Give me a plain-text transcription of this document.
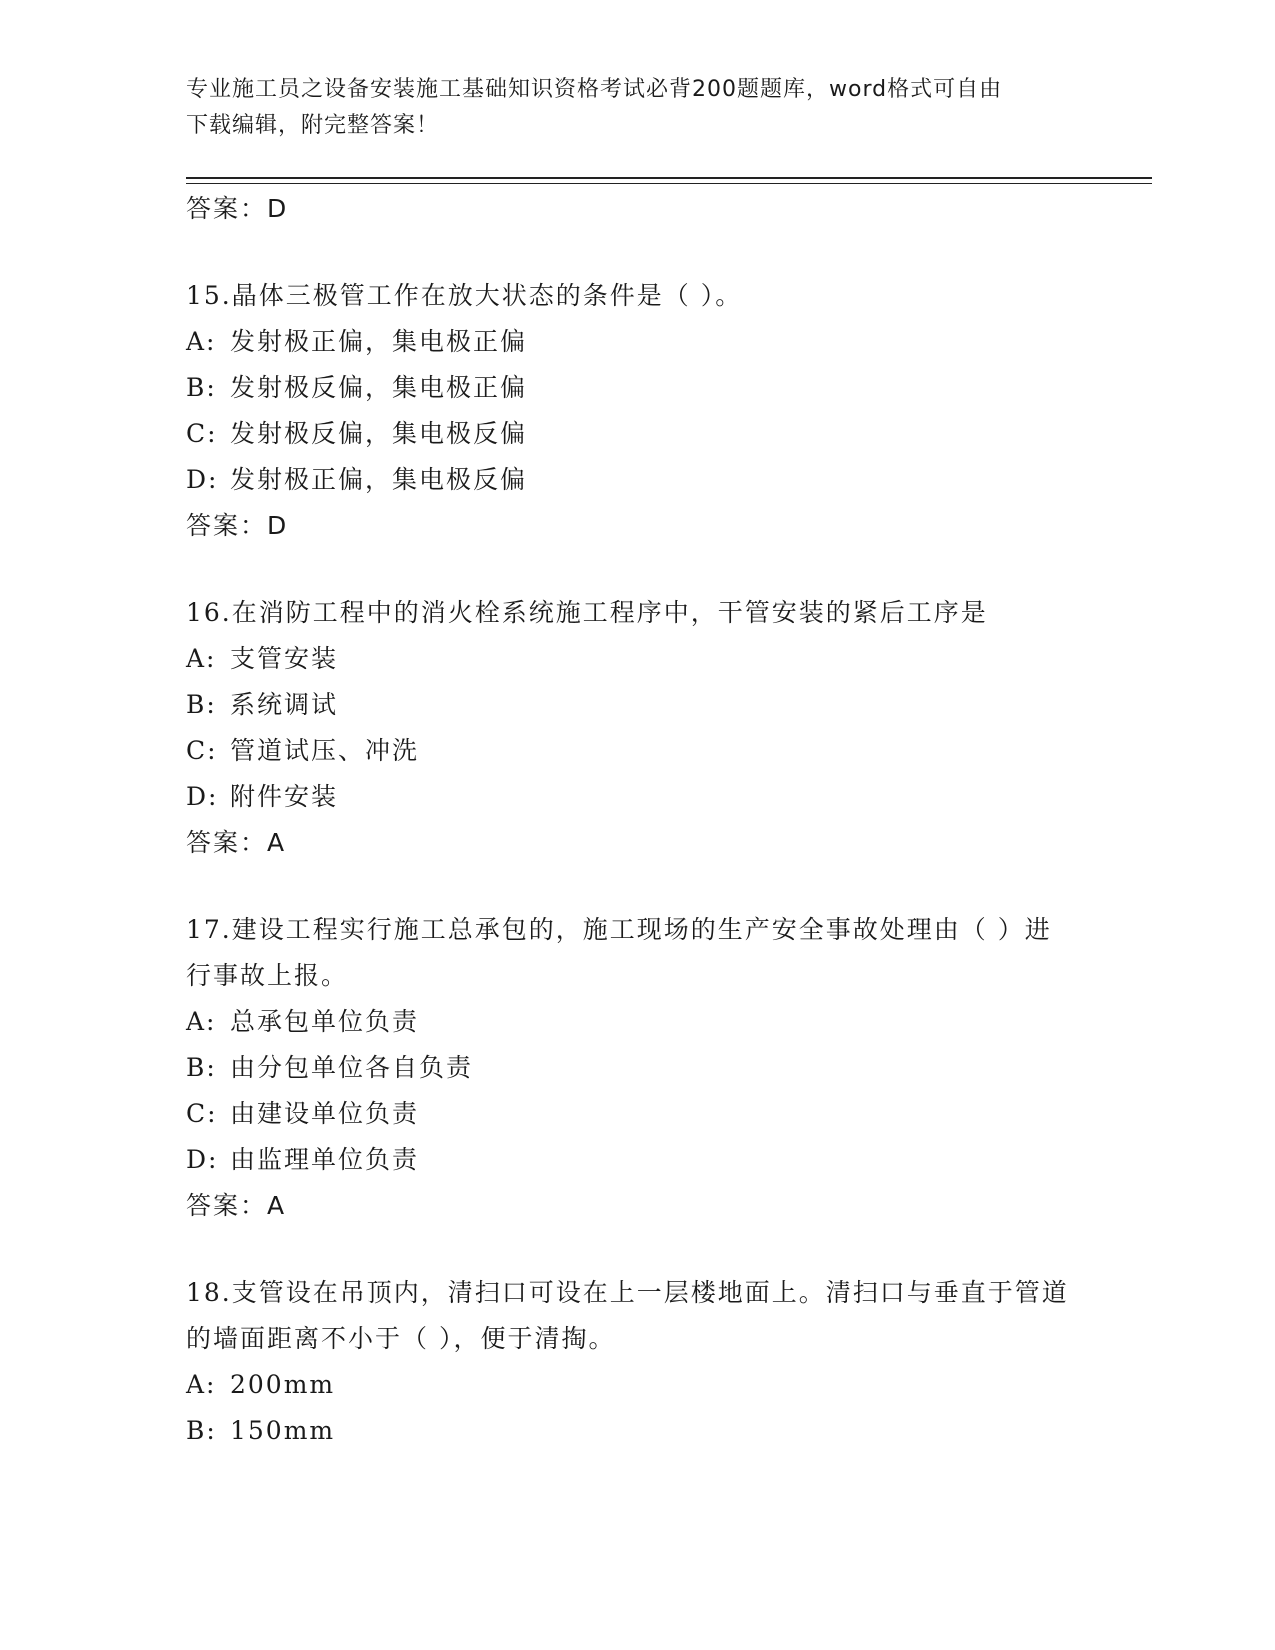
专业施工员之设备安装施工基础知识资格考试必背200题题库，word格式可自由
下载编辑，附完整答案！
答案：D
15.晶体三极管工作在放大状态的条件是（ ）。
A: 发射极正偏，集电极正偏
B: 发射极反偏，集电极正偏
C: 发射极反偏，集电极反偏
D: 发射极正偏，集电极反偏
答案：D
16.在消防工程中的消火栓系统施工程序中，干管安装的紧后工序是
A: 支管安装
B: 系统调试
C: 管道试压、冲洗
D: 附件安装
答案：A
17.建设工程实行施工总承包的，施工现场的生产安全事故处理由（ ）进行事故上报。
A: 总承包单位负责
B: 由分包单位各自负责
C: 由建设单位负责
D: 由监理单位负责
答案：A
18.支管设在吊顶内，清扫口可设在上一层楼地面上。清扫口与垂直于管道的墙面距离不小于（ ），便于清掏。
A: 200mm
B: 150mm
